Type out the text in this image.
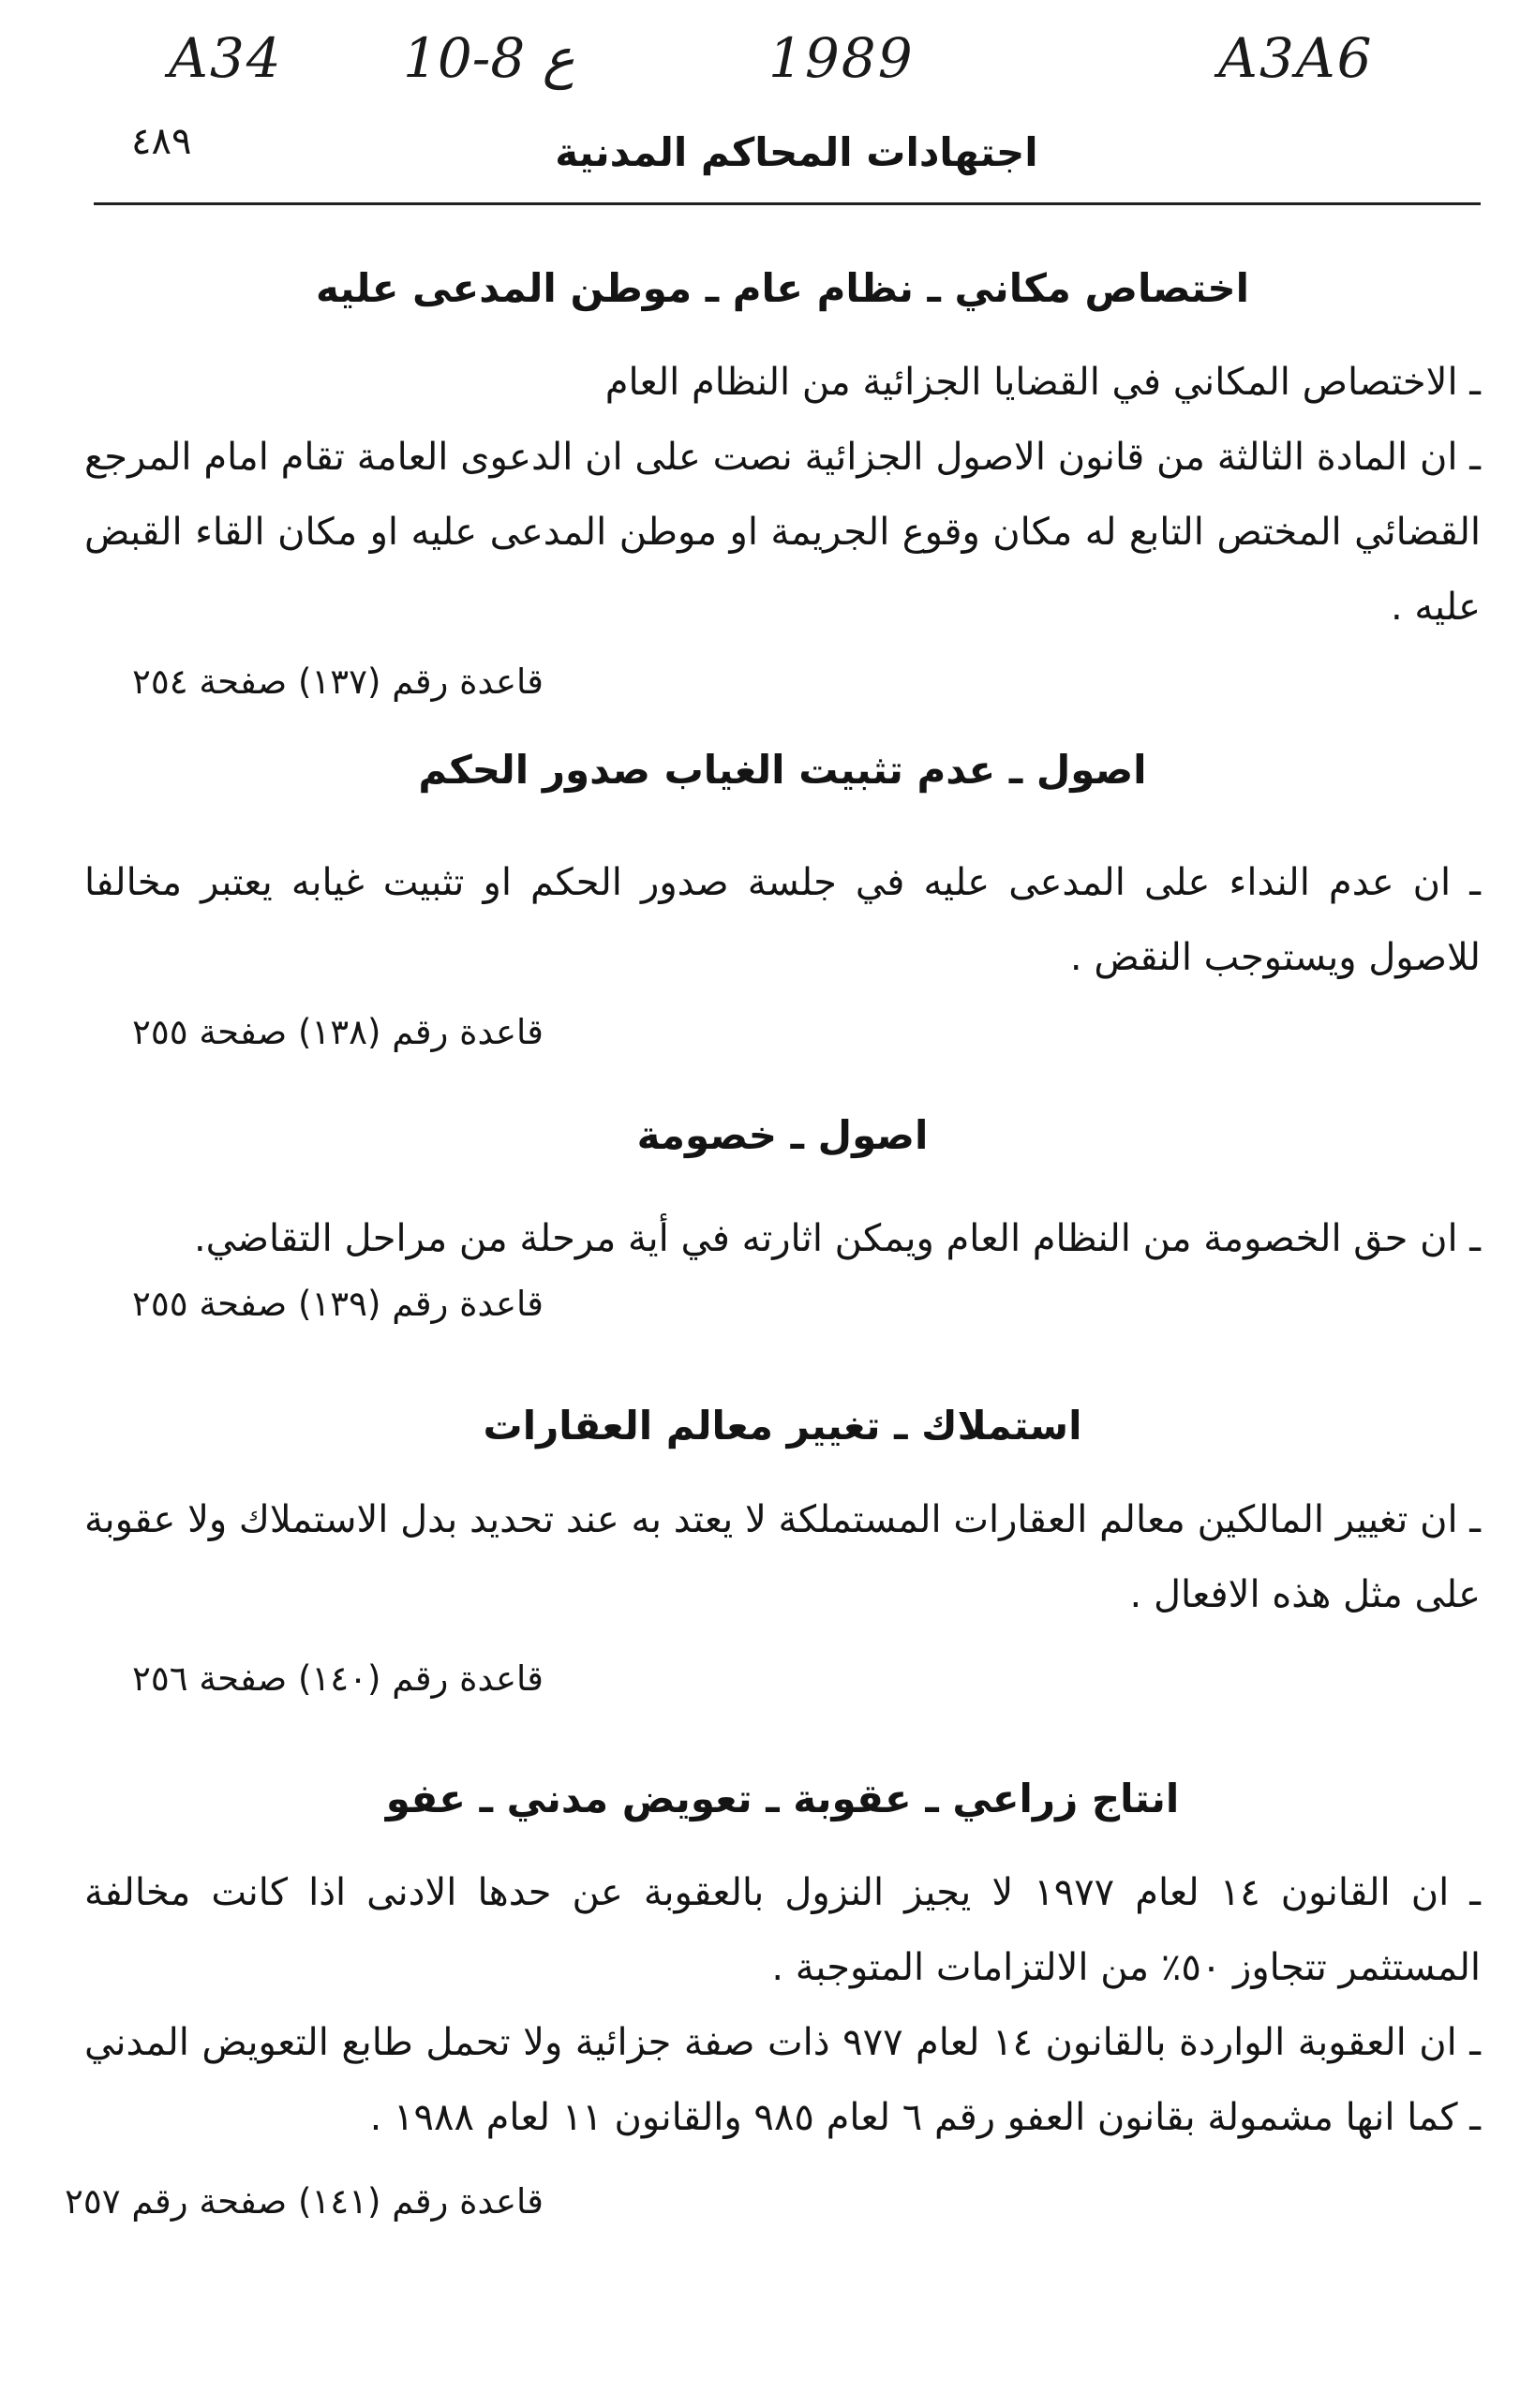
A34 10-8 ع	1989	A3A6
٤٨٩	اجتهادات المحاكم المدنية

اختصاص مكاني ـ نظام عام ـ موطن المدعى عليه

ـ الاختصاص المكاني في القضايا الجزائية من النظام العام

ـ ان المادة الثالثة من قانون الاصول الجزائية نصت على ان الدعوى العامة تقام امام المرجع القضائي المختص التابع له مكان وقوع الجريمة او موطن المدعى عليه او مكان القاء القبض عليه .

قاعدة رقم (١٣٧) صفحة ٢٥٤

اصول ـ عدم تثبيت الغياب صدور الحكم

ـ ان عدم النداء على المدعى عليه في جلسة صدور الحكم او تثبيت غيابه يعتبر مخالفا للاصول ويستوجب النقض .

قاعدة رقم (١٣٨) صفحة ٢٥٥

اصول ـ خصومة

ـ ان حق الخصومة من النظام العام ويمكن اثارته في أية مرحلة من مراحل التقاضي.

قاعدة رقم (١٣٩) صفحة ٢٥٥

استملاك ـ تغيير معالم العقارات

ـ ان تغيير المالكين معالم العقارات المستملكة لا يعتد به عند تحديد بدل الاستملاك ولا عقوبة على مثل هذه الافعال .

قاعدة رقم (١٤٠) صفحة ٢٥٦

انتاج زراعي ـ عقوبة ـ تعويض مدني ـ عفو

ـ ان القانون ١٤ لعام ١٩٧٧ لا يجيز النزول بالعقوبة عن حدها الادنى اذا كانت مخالفة المستثمر تتجاوز ٥٠٪ من الالتزامات المتوجبة .

ـ ان العقوبة الواردة بالقانون ١٤ لعام ٩٧٧ ذات صفة جزائية ولا تحمل طابع التعويض المدني ـ كما انها مشمولة بقانون العفو رقم ٦ لعام ٩٨٥ والقانون ١١ لعام ١٩٨٨ .

قاعدة رقم (١٤١) صفحة رقم ٢٥٧
